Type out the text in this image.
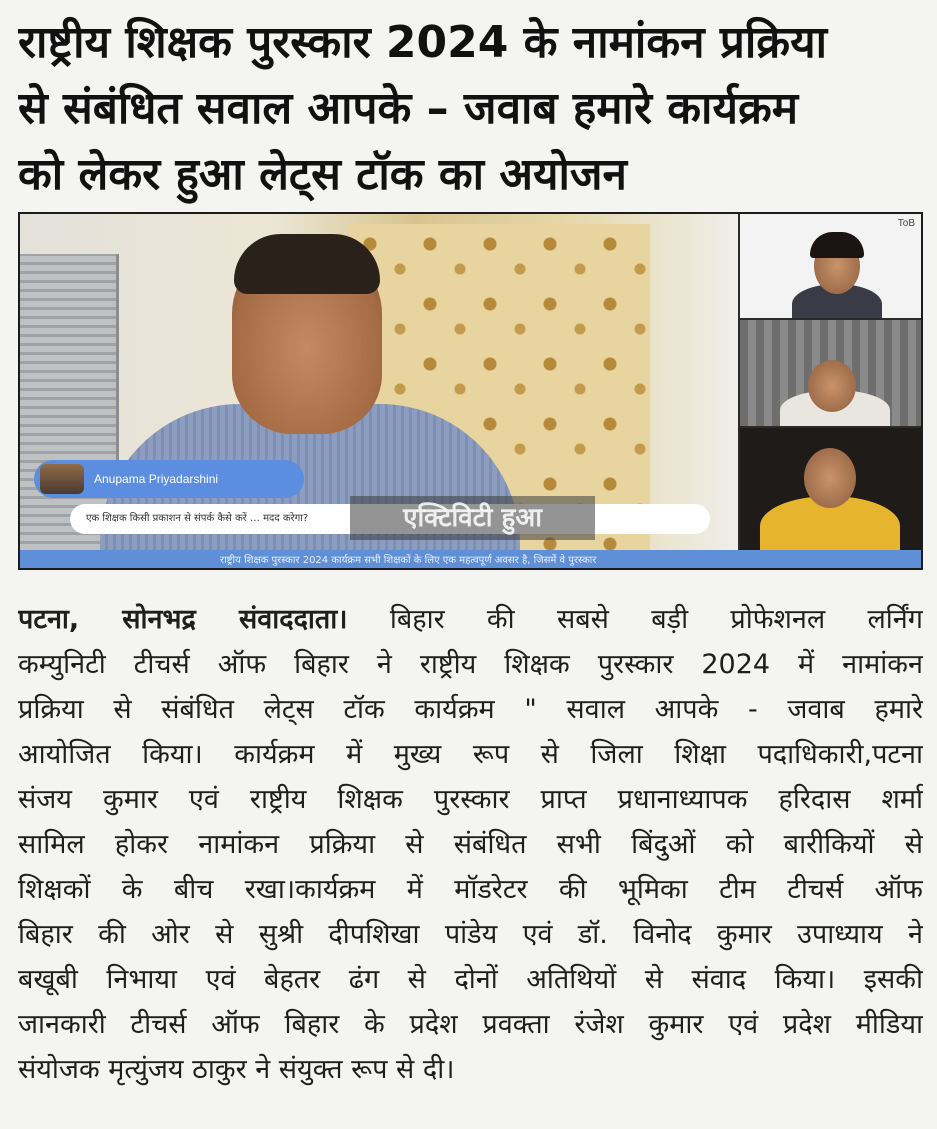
राष्ट्रीय शिक्षक पुरस्कार 2024 के नामांकन प्रक्रिया
से संबंधित सवाल आपके – जवाब हमारे कार्यक्रम
को लेकर हुआ लेट्स टॉक का अयोजन
Anupama Priyadarshini
एक शिक्षक किसी प्रकाशन से संपर्क कैसे करें … मदद करेगा?	एक्टिविटी हुआ
ToB
राष्ट्रीय शिक्षक पुरस्कार 2024 कार्यक्रम सभी शिक्षकों के लिए एक महत्वपूर्ण अवसर है, जिसमें वे पुरस्कार
पटना, सोनभद्र संवाददाता। बिहार की सबसे बड़ी प्रोफेशनल लर्निंग
कम्युनिटी टीचर्स ऑफ बिहार ने राष्ट्रीय शिक्षक पुरस्कार 2024 में नामांकन
प्रक्रिया से संबंधित लेट्स टॉक कार्यक्रम " सवाल आपके - जवाब हमारे
आयोजित किया। कार्यक्रम में मुख्य रूप से जिला शिक्षा पदाधिकारी,पटना
संजय कुमार एवं राष्ट्रीय शिक्षक पुरस्कार प्राप्त प्रधानाध्यापक हरिदास शर्मा
सामिल होकर नामांकन प्रक्रिया से संबंधित सभी बिंदुओं को बारीकियों से
शिक्षकों के बीच रखा।कार्यक्रम में मॉडरेटर की भूमिका टीम टीचर्स ऑफ
बिहार की ओर से सुश्री दीपशिखा पांडेय एवं डॉ. विनोद कुमार उपाध्याय ने
बखूबी निभाया एवं बेहतर ढंग से दोनों अतिथियों से संवाद किया। इसकी
जानकारी टीचर्स ऑफ बिहार के प्रदेश प्रवक्ता रंजेश कुमार एवं प्रदेश मीडिया
संयोजक मृत्युंजय ठाकुर ने संयुक्त रूप से दी।
